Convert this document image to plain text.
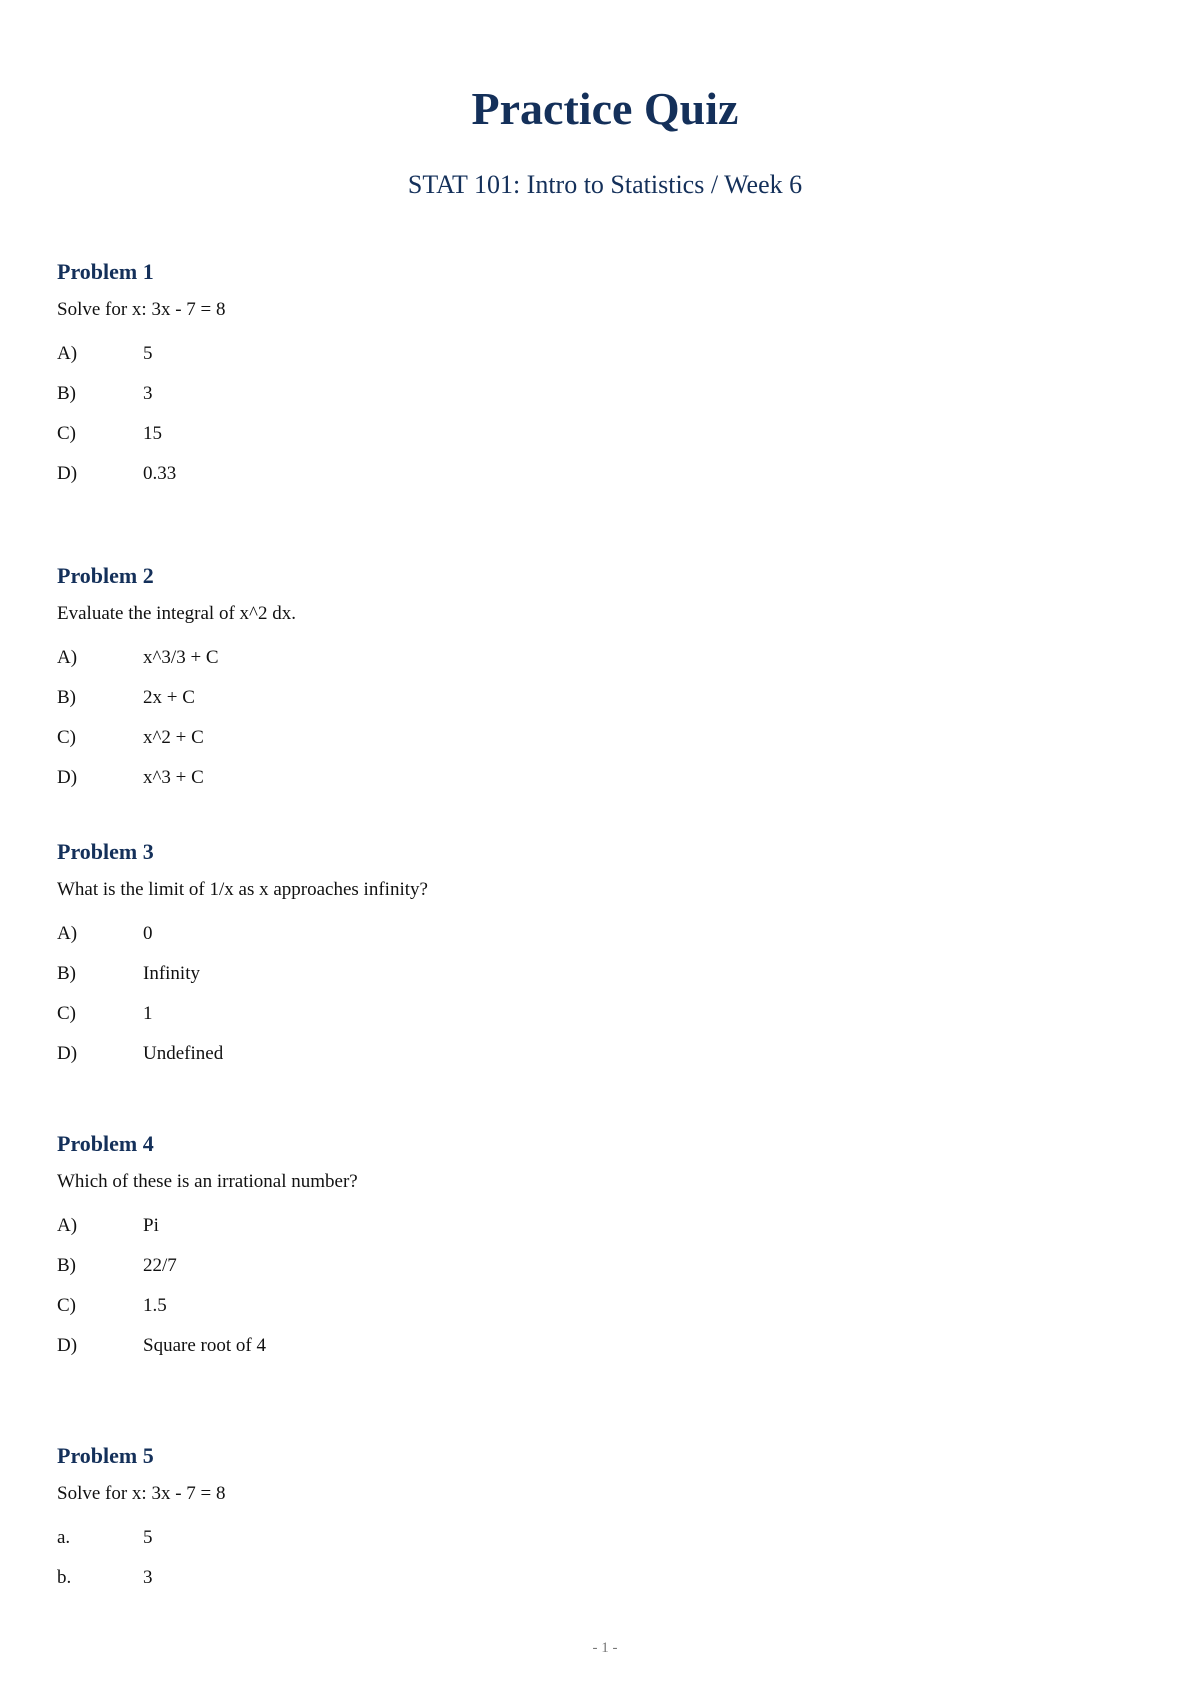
Practice Quiz
STAT 101: Intro to Statistics / Week 6
Problem 1
Solve for x: 3x - 7 = 8
A)	5
B)	3
C)	15
D)	0.33
Problem 2
Evaluate the integral of x^2 dx.
A)	x^3/3 + C
B)	2x + C
C)	x^2 + C
D)	x^3 + C
Problem 3
What is the limit of 1/x as x approaches infinity?
A)	0
B)	Infinity
C)	1
D)	Undefined
Problem 4
Which of these is an irrational number?
A)	Pi
B)	22/7
C)	1.5
D)	Square root of 4
Problem 5
Solve for x: 3x - 7 = 8
a.	5
b.	3
- 1 -
